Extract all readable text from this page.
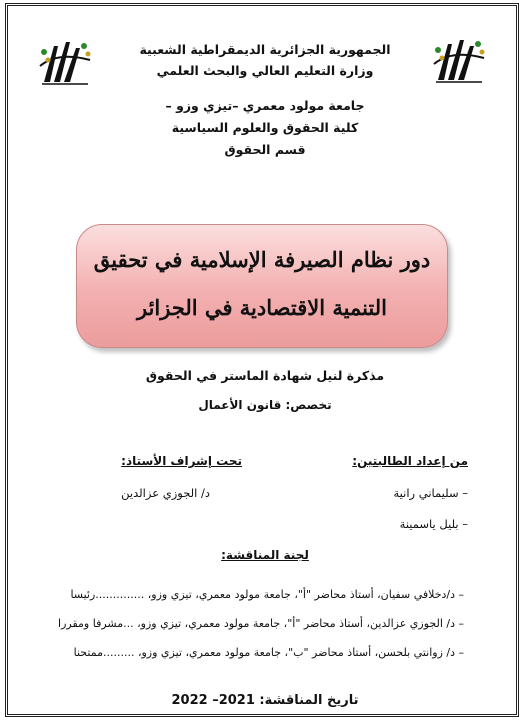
الجمهورية الجزائرية الديمقراطية الشعبية
وزارة التعليم العالي والبحث العلمي
جامعة مولود معمري –تيزي وزو –
كلية الحقوق والعلوم السياسية
قسم الحقوق
دور نظام الصيرفة الإسلامية في تحقيق
التنمية الاقتصادية في الجزائر
مذكرة لنيل شهادة الماستر في الحقوق
تخصص: قانون الأعمال
من إعداد الطالبتين:
تحت إشراف الأستاذ:
– سليماني رانية
د/ الجوزي عزالدين
– بليل ياسمينة
لجنة المناقشة:
– د/دخلافي سفيان، أستاذ محاضر "أ"، جامعة مولود معمري، تيزي وزو، ..............رئيسا
– د/ الجوزي عزالدين، أستاذ محاضر "أ"، جامعة مولود معمري، تيزي وزو، ...مشرفا ومقررا
– د/ زوانتي بلحسن، أستاذ محاضر "ب"، جامعة مولود معمري، تيزي وزو، .........ممتحنا
تاريخ المناقشة: 2021– 2022
